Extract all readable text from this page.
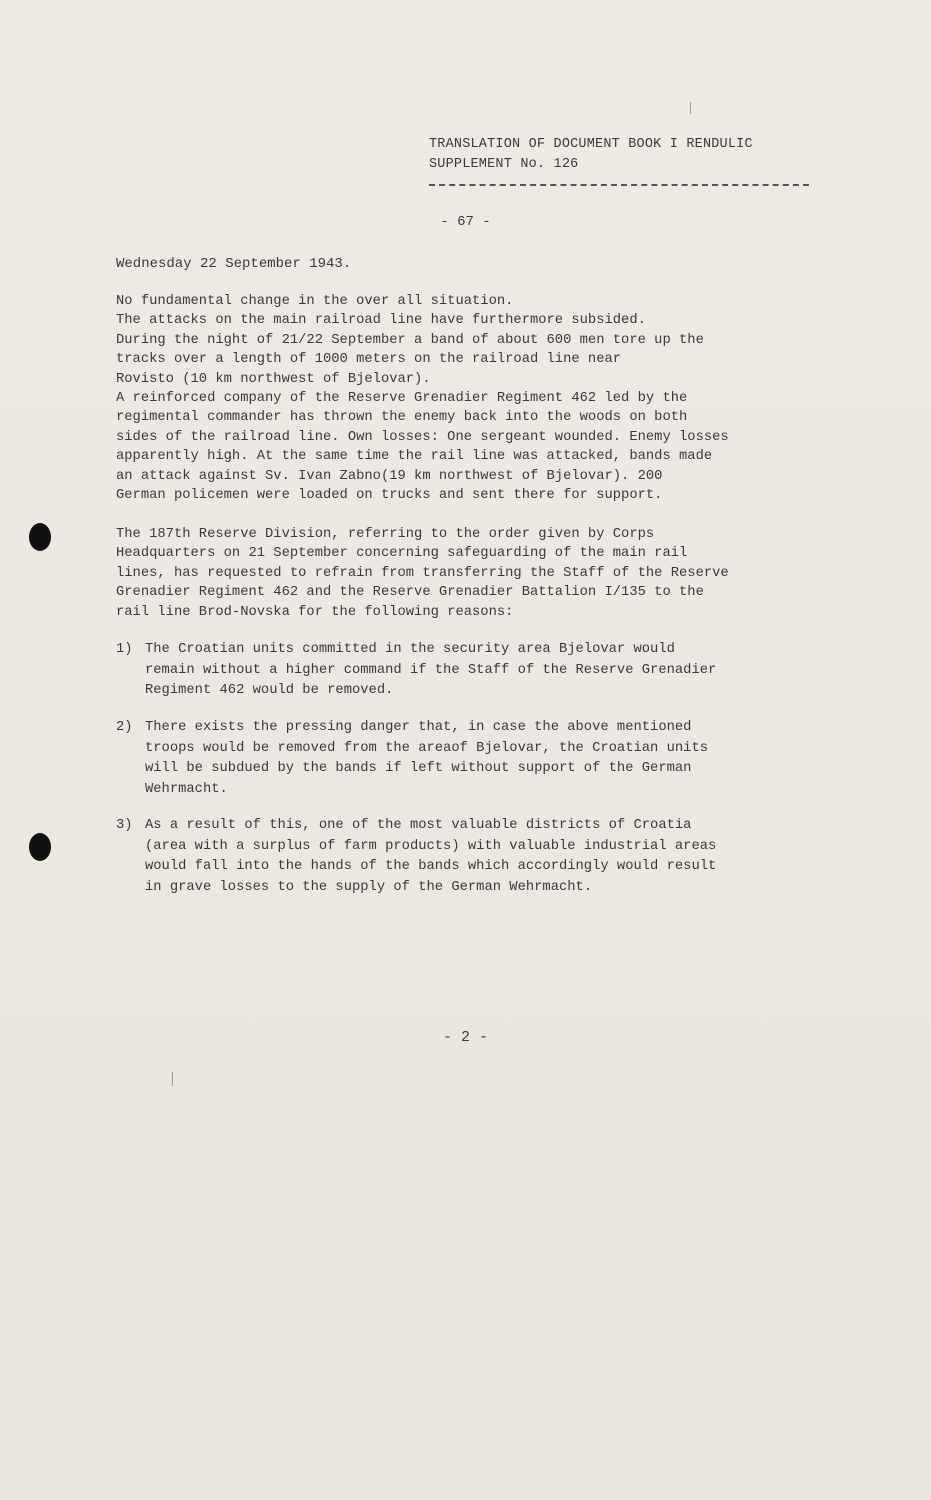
TRANSLATION OF DOCUMENT BOOK I RENDULIC
SUPPLEMENT No. 126
- 67 -
Wednesday 22 September 1943.
No fundamental change in the over all situation.
The attacks on the main railroad line have furthermore subsided.
During the night of 21/22 September a band of about 600 men tore up the
tracks over a length of 1000 meters on the railroad line near
Rovisto (10 km northwest of Bjelovar).
A reinforced company of the Reserve Grenadier Regiment 462 led by the
regimental commander has thrown the enemy back into the woods on both
sides of the railroad line. Own losses: One sergeant wounded. Enemy losses
apparently high. At the same time the rail line was attacked, bands made
an attack against Sv. Ivan Zabno(19 km northwest of Bjelovar). 200
German policemen were loaded on trucks and sent there for support.
The 187th Reserve Division, referring to the order given by Corps
Headquarters on 21 September concerning safeguarding of the main rail
lines, has requested to refrain from transferring the Staff of the Reserve
Grenadier Regiment 462 and the Reserve Grenadier Battalion I/135 to the
rail line Brod-Novska for the following reasons:
1) The Croatian units committed in the security area Bjelovar would
remain without a higher command if the Staff of the Reserve Grenadier
Regiment 462 would be removed.
2) There exists the pressing danger that, in case the above mentioned
troops would be removed from the areaof Bjelovar, the Croatian units
will be subdued by the bands if left without support of the German
Wehrmacht.
3) As a result of this, one of the most valuable districts of Croatia
(area with a surplus of farm products) with valuable industrial areas
would fall into the hands of the bands which accordingly would result
in grave losses to the supply of the German Wehrmacht.
- 2 -
